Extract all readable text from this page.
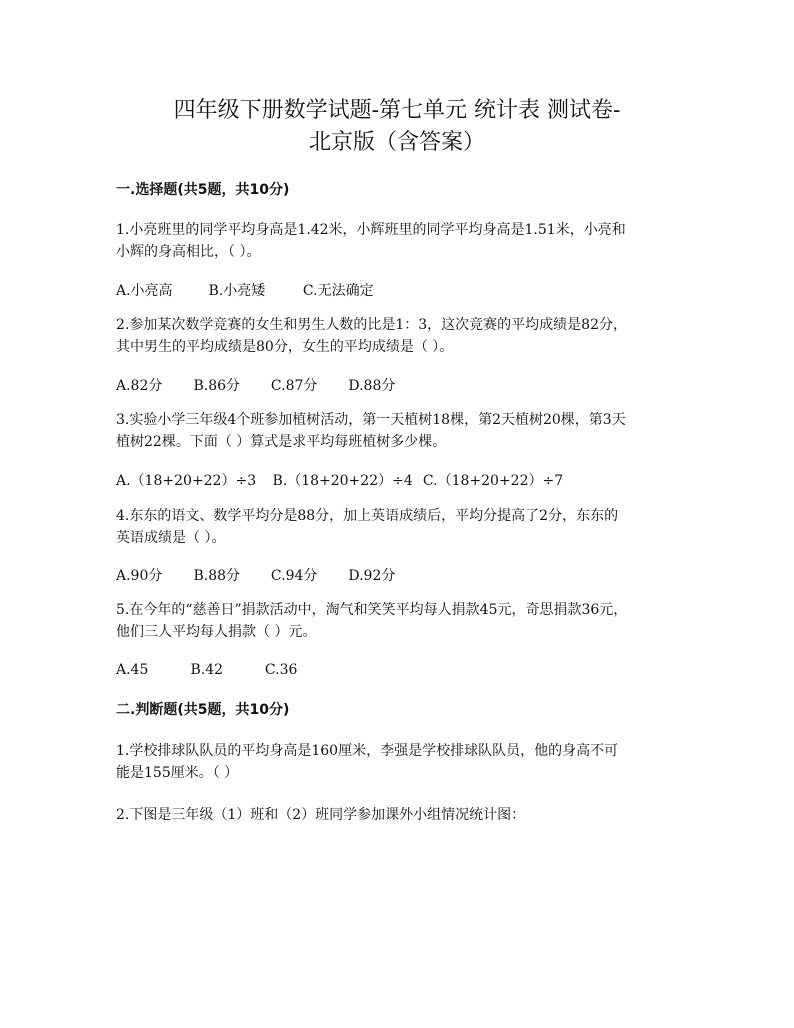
四年级下册数学试题-第七单元 统计表 测试卷-
北京版（含答案）
一.选择题(共5题，共10分)
1.小亮班里的同学平均身高是1.42米，小辉班里的同学平均身高是1.51米，小亮和
小辉的身高相比，（ ）。
A.小亮高	B.小亮矮	C.无法确定
2.参加某次数学竞赛的女生和男生人数的比是1：3，这次竞赛的平均成绩是82分，
其中男生的平均成绩是80分，女生的平均成绩是（ ）。
A.82分 B.86分 C.87分 D.88分
3.实验小学三年级4个班参加植树活动，第一天植树18棵，第2天植树20棵，第3天
植树22棵。下面（ ）算式是求平均每班植树多少棵。
A.（18+20+22）÷3 B.（18+20+22）÷4 C.（18+20+22）÷7
4.东东的语文、数学平均分是88分，加上英语成绩后，平均分提高了2分，东东的
英语成绩是（ ）。
A.90分 B.88分 C.94分 D.92分
5.在今年的“慈善日”捐款活动中，淘气和笑笑平均每人捐款45元，奇思捐款36元，
他们三人平均每人捐款（ ）元。
A.45	B.42	C.36
二.判断题(共5题，共10分)
1.学校排球队队员的平均身高是160厘米，李强是学校排球队队员，他的身高不可
能是155厘米。（ ）
2.下图是三年级（1）班和（2）班同学参加课外小组情况统计图：
